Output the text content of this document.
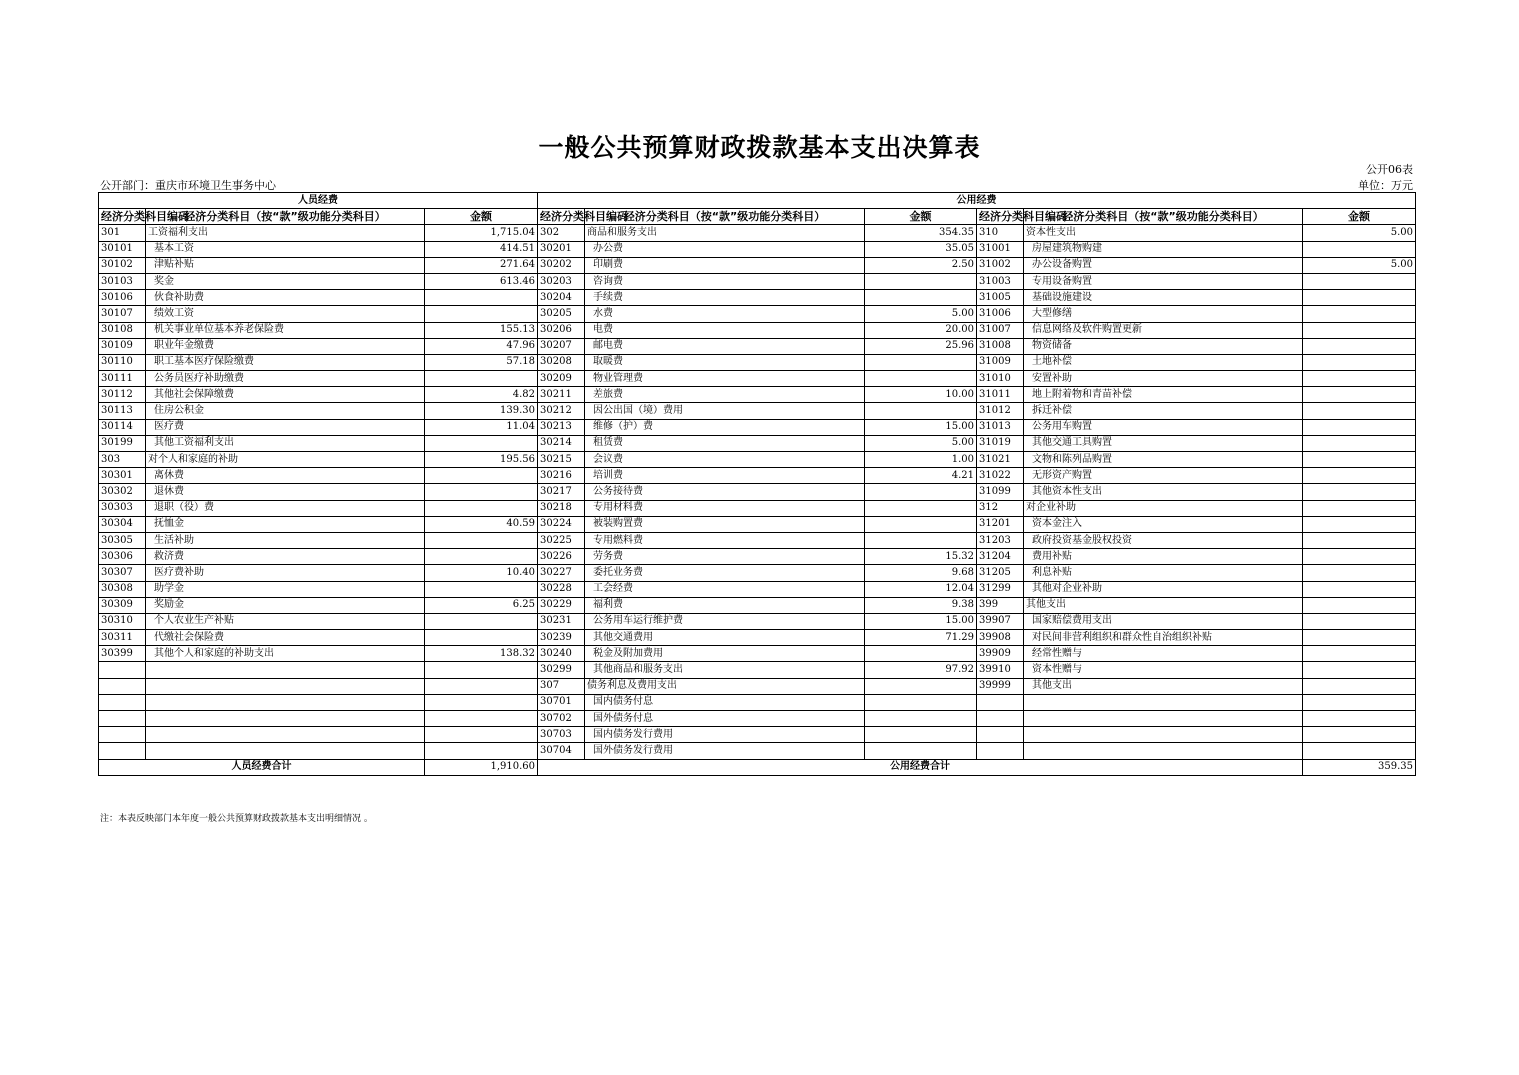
一般公共预算财政拨款基本支出决算表
公开06表
公开部门：重庆市环境卫生事务中心	单位：万元
人员经费			公用经费					
经济分类科目编码	经济分类科目（按“款”级功能分类科目）	金额	经济分类科目编码	经济分类科目（按“款”级功能分类科目）	金额	经济分类科目编码	经济分类科目（按“款”级功能分类科目）	金额
301	工资福利支出	1,715.04	302	商品和服务支出	354.35	310	资本性支出	5.00
30101	基本工资	414.51	30201	办公费	35.05	31001	房屋建筑物购建	
30102	津贴补贴	271.64	30202	印刷费	2.50	31002	办公设备购置	5.00
30103	奖金	613.46	30203	咨询费		31003	专用设备购置	
30106	伙食补助费		30204	手续费		31005	基础设施建设	
30107	绩效工资		30205	水费	5.00	31006	大型修缮	
30108	机关事业单位基本养老保险费	155.13	30206	电费	20.00	31007	信息网络及软件购置更新	
30109	职业年金缴费	47.96	30207	邮电费	25.96	31008	物资储备	
30110	职工基本医疗保险缴费	57.18	30208	取暖费		31009	土地补偿	
30111	公务员医疗补助缴费		30209	物业管理费		31010	安置补助	
30112	其他社会保障缴费	4.82	30211	差旅费	10.00	31011	地上附着物和青苗补偿	
30113	住房公积金	139.30	30212	因公出国（境）费用		31012	拆迁补偿	
30114	医疗费	11.04	30213	维修（护）费	15.00	31013	公务用车购置	
30199	其他工资福利支出		30214	租赁费	5.00	31019	其他交通工具购置	
303	对个人和家庭的补助	195.56	30215	会议费	1.00	31021	文物和陈列品购置	
30301	离休费		30216	培训费	4.21	31022	无形资产购置	
30302	退休费		30217	公务接待费		31099	其他资本性支出	
30303	退职（役）费		30218	专用材料费		312	对企业补助	
30304	抚恤金	40.59	30224	被装购置费		31201	资本金注入	
30305	生活补助		30225	专用燃料费		31203	政府投资基金股权投资	
30306	救济费		30226	劳务费	15.32	31204	费用补贴	
30307	医疗费补助	10.40	30227	委托业务费	9.68	31205	利息补贴	
30308	助学金		30228	工会经费	12.04	31299	其他对企业补助	
30309	奖励金	6.25	30229	福利费	9.38	399	其他支出	
30310	个人农业生产补贴		30231	公务用车运行维护费	15.00	39907	国家赔偿费用支出	
30311	代缴社会保险费		30239	其他交通费用	71.29	39908	对民间非营利组织和群众性自治组织补贴	
30399	其他个人和家庭的补助支出	138.32	30240	税金及附加费用		39909	经常性赠与	
			30299	其他商品和服务支出	97.92	39910	资本性赠与	
			307	债务利息及费用支出		39999	其他支出	
			30701	国内债务付息				
			30702	国外债务付息				
			30703	国内债务发行费用				
			30704	国外债务发行费用				
人员经费合计		1,910.60	公用经费合计					359.35
注：本表反映部门本年度一般公共预算财政拨款基本支出明细情况 。
